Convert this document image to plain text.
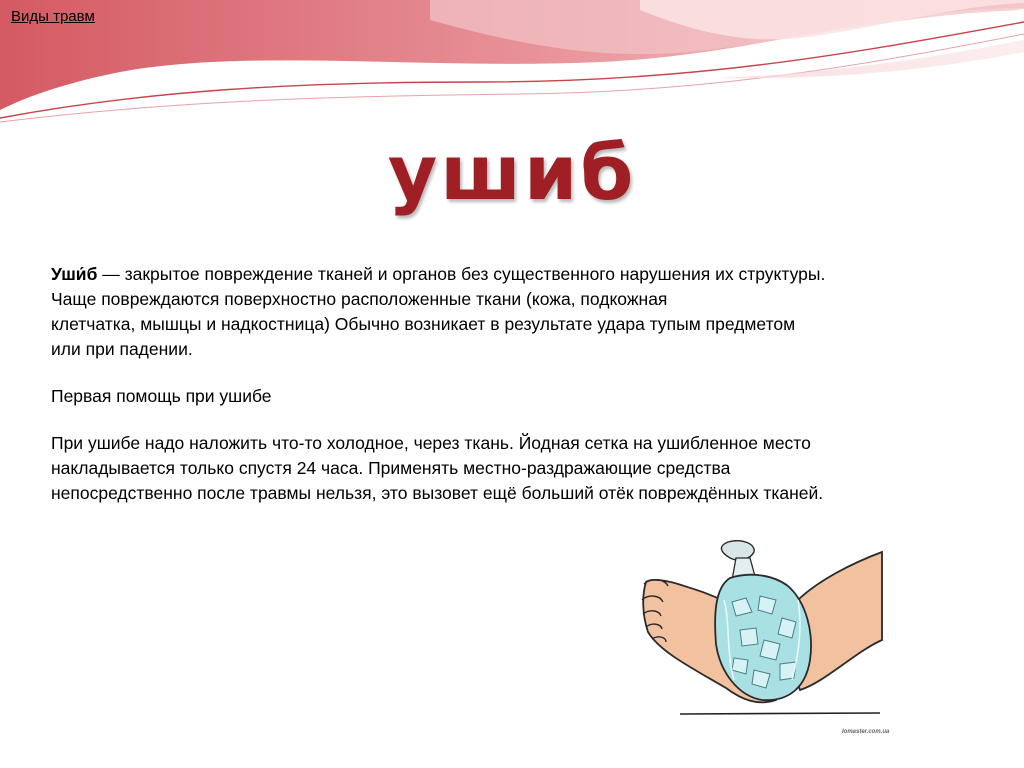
Виды травм
ушиб

Уши́б — закрытое повреждение тканей и органов без существенного нарушения их структуры.

Чаще повреждаются поверхностно расположенные ткани (кожа, подкожная

клетчатка, мышцы и надкостница) Обычно возникает в результате удара тупым предметом

или при падении.

Первая помощь при ушибе

При ушибе надо наложить что-то холодное, через ткань. Йодная сетка на ушибленное место

накладывается только спустя 24 часа. Применять местно-раздражающие средства

непосредственно после травмы нельзя, это вызовет ещё больший отёк повреждённых тканей.

lomaster.com.ua
